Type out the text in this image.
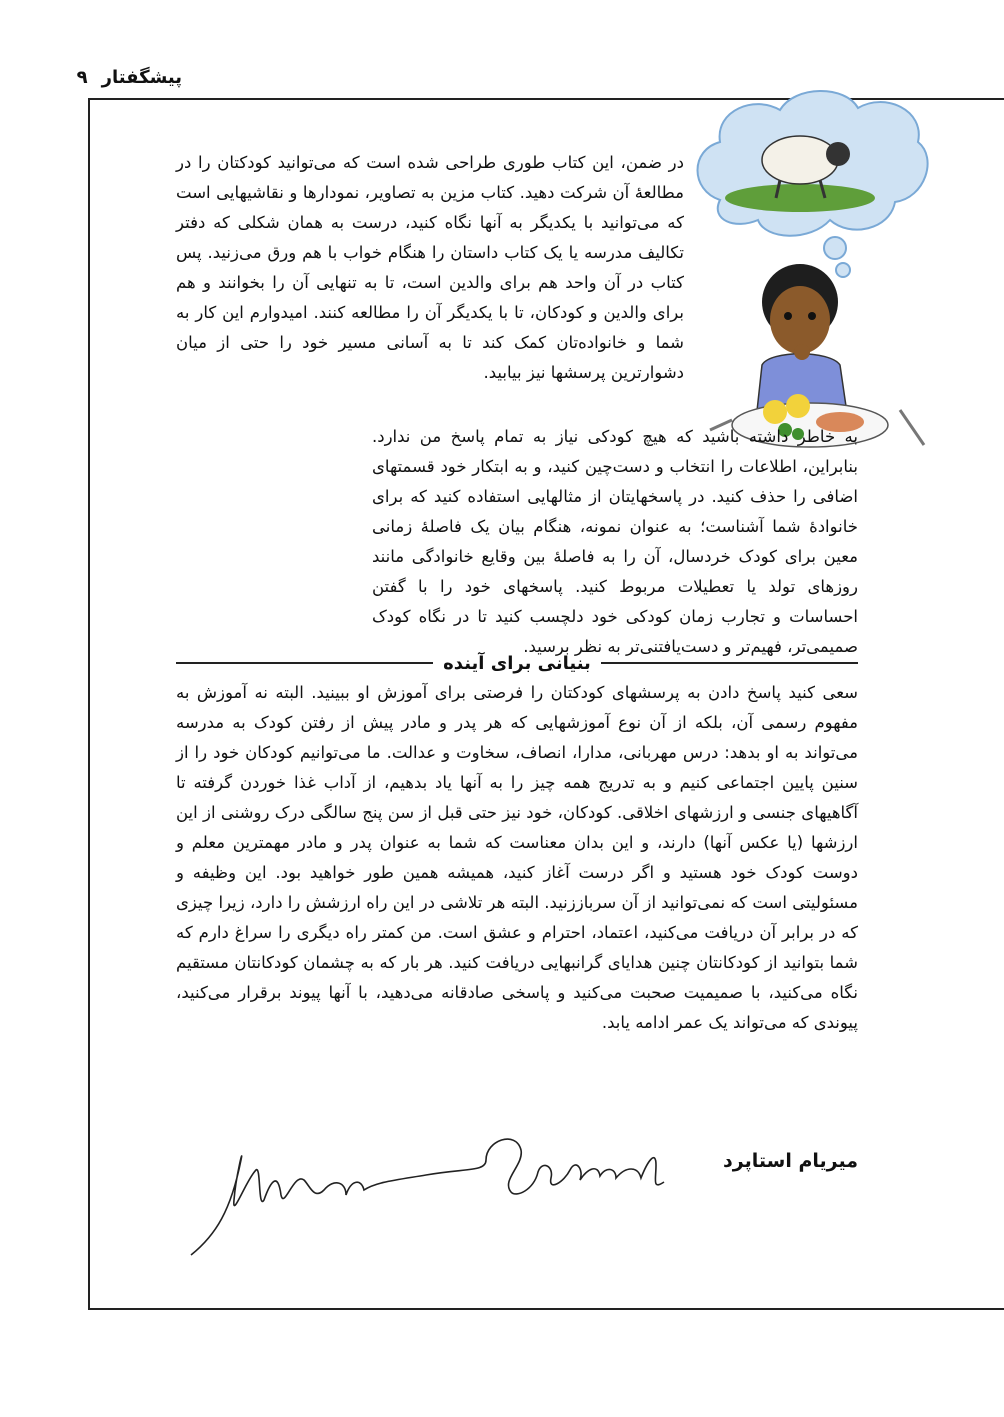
پیشگفتار
۹

در ضمن، این کتاب طوری طراحی شده است که می‌توانید کودکتان را در مطالعهٔ آن شرکت دهید. کتاب مزین به تصاویر، نمودارها و نقاشیهایی است که می‌توانید با یکدیگر به آنها نگاه کنید، درست به همان شکلی که دفتر تکالیف مدرسه یا یک کتاب داستان را هنگام خواب با هم ورق می‌زنید. پس کتاب در آن واحد هم برای والدین است، تا به تنهایی آن را بخوانند و هم برای والدین و کودکان، تا با یکدیگر آن را مطالعه کنند. امیدوارم این کار به شما و خانواده‌تان کمک کند تا به آسانی مسیر خود را حتی از میان دشوارترین پرسشها نیز بیابید.

به خاطر داشته باشید که هیچ کودکی نیاز به تمام پاسخ من ندارد. بنابراین، اطلاعات را انتخاب و دست‌چین کنید، و به ابتکار خود قسمتهای اضافی را حذف کنید. در پاسخهایتان از مثالهایی استفاده کنید که برای خانوادهٔ شما آشناست؛ به عنوان نمونه، هنگام بیان یک فاصلهٔ زمانی معین برای کودک خردسال، آن را به فاصلهٔ بین وقایع خانوادگی مانند روزهای تولد یا تعطیلات مربوط کنید. پاسخهای خود را با گفتن احساسات و تجارب زمان کودکی خود دلچسب کنید تا در نگاه کودک صمیمی‌تر، فهیم‌تر و دست‌یافتنی‌تر به نظر برسید.

بنیانی برای آینده

سعی کنید پاسخ دادن به پرسشهای کودکتان را فرصتی برای آموزش او ببینید. البته نه آموزش به مفهوم رسمی آن، بلکه از آن نوع آموزشهایی که هر پدر و مادر پیش از رفتن کودک به مدرسه می‌تواند به او بدهد: درس مهربانی، مدارا، انصاف، سخاوت و عدالت. ما می‌توانیم کودکان خود را از سنین پایین اجتماعی کنیم و به تدریج همه چیز را به آنها یاد بدهیم، از آداب غذا خوردن گرفته تا آگاهیهای جنسی و ارزشهای اخلاقی. کودکان، خود نیز حتی قبل از سن پنج سالگی درک روشنی از این ارزشها (یا عکس آنها) دارند، و این بدان معناست که شما به عنوان پدر و مادر مهمترین معلم و دوست کودک خود هستید و اگر درست آغاز کنید، همیشه همین طور خواهید بود. این وظیفه و مسئولیتی است که نمی‌توانید از آن سرباززنید. البته هر تلاشی در این راه ارزشش را دارد، زیرا چیزی که در برابر آن دریافت می‌کنید، اعتماد، احترام و عشق است. من کمتر راه دیگری را سراغ دارم که شما بتوانید از کودکانتان چنین هدایای گرانبهایی دریافت کنید. هر بار که به چشمان کودکانتان مستقیم نگاه می‌کنید، با صمیمیت صحبت می‌کنید و پاسخی صادقانه می‌دهید، با آنها پیوند برقرار می‌کنید، پیوندی که می‌تواند یک عمر ادامه یابد.

میریام استاپرد
